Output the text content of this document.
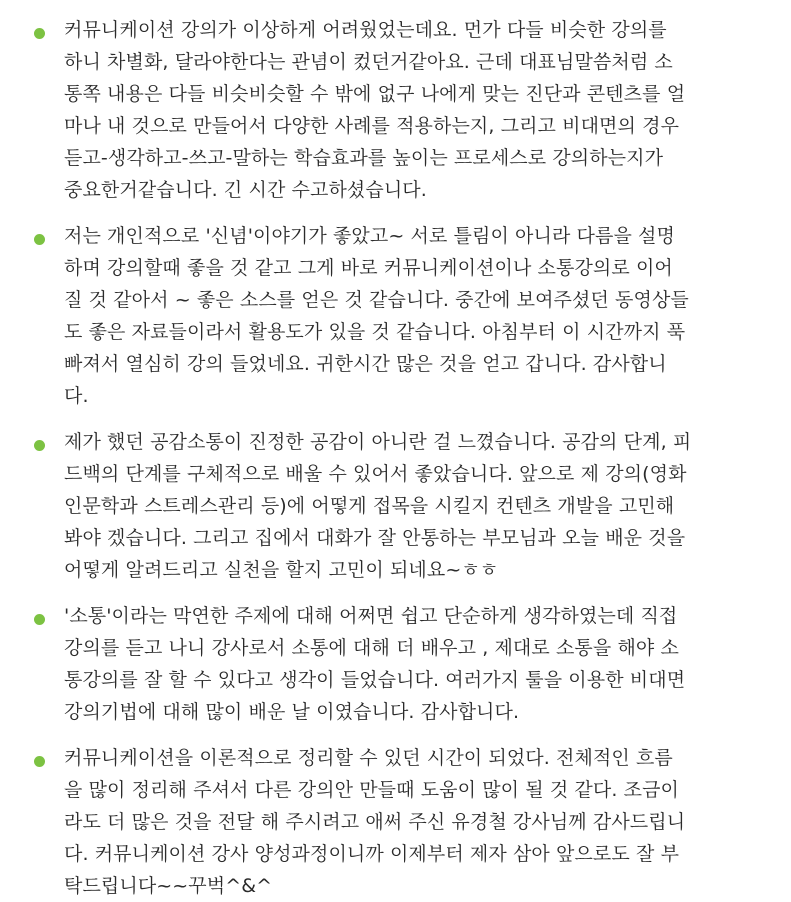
커뮤니케이션 강의가 이상하게 어려웠었는데요. 먼가 다들 비슷한 강의를
하니 차별화, 달라야한다는 관념이 컸던거같아요. 근데 대표님말씀처럼 소
통쪽 내용은 다들 비슷비슷할 수 밖에 없구 나에게 맞는 진단과 콘텐츠를 얼
마나 내 것으로 만들어서 다양한 사례를 적용하는지, 그리고 비대면의 경우
듣고-생각하고-쓰고-말하는 학습효과를 높이는 프로세스로 강의하는지가
중요한거같습니다. 긴 시간 수고하셨습니다.
저는 개인적으로 '신념'이야기가 좋았고~ 서로 틀림이 아니라 다름을 설명
하며 강의할때 좋을 것 같고 그게 바로 커뮤니케이션이나 소통강의로 이어
질 것 같아서 ~ 좋은 소스를 얻은 것 같습니다. 중간에 보여주셨던 동영상들
도 좋은 자료들이라서 활용도가 있을 것 같습니다. 아침부터 이 시간까지 푹
빠져서 열심히 강의 들었네요. 귀한시간 많은 것을 얻고 갑니다. 감사합니
다.
제가 했던 공감소통이 진정한 공감이 아니란 걸 느꼈습니다. 공감의 단계, 피
드백의 단계를 구체적으로 배울 수 있어서 좋았습니다. 앞으로 제 강의(영화
인문학과 스트레스관리 등)에 어떻게 접목을 시킬지 컨텐츠 개발을 고민해
봐야 겠습니다. 그리고 집에서 대화가 잘 안통하는 부모님과 오늘 배운 것을
어떻게 알려드리고 실천을 할지 고민이 되네요~ㅎㅎ
'소통'이라는 막연한 주제에 대해 어쩌면 쉽고 단순하게 생각하였는데 직접
강의를 듣고 나니 강사로서 소통에 대해 더 배우고 , 제대로 소통을 해야 소
통강의를 잘 할 수 있다고 생각이 들었습니다. 여러가지 툴을 이용한 비대면
강의기법에 대해 많이 배운 날 이였습니다. 감사합니다.
커뮤니케이션을 이론적으로 정리할 수 있던 시간이 되었다. 전체적인 흐름
을 많이 정리해 주셔서 다른 강의안 만들때 도움이 많이 될 것 같다. 조금이
라도 더 많은 것을 전달 해 주시려고 애써 주신 유경철 강사님께 감사드립니
다. 커뮤니케이션 강사 양성과정이니까 이제부터 제자 삼아 앞으로도 잘 부
탁드립니다~~꾸벅^&^
